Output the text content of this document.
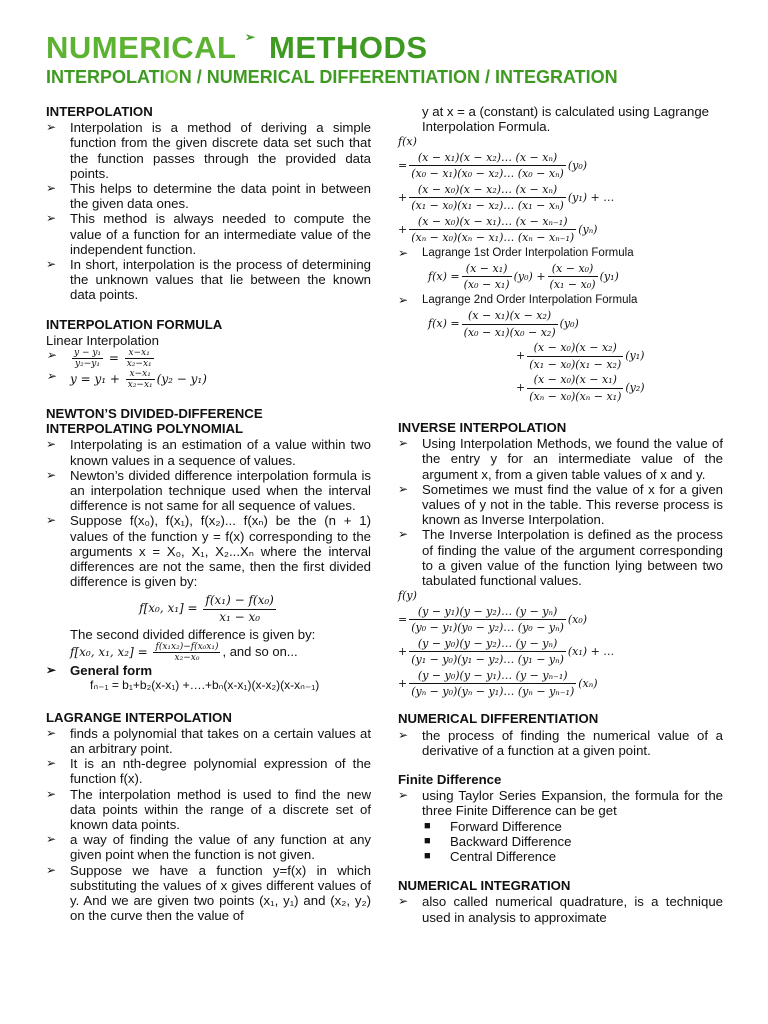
NUMERICAL ➢ METHODS
INTERPOLATION / NUMERICAL DIFFERENTIATION / INTEGRATION
INTERPOLATION
➢ Interpolation is a method of deriving a simple function from the given discrete data set such that the function passes through the provided data points.
➢ This helps to determine the data point in between the given data ones.
➢ This method is always needed to compute the value of a function for an intermediate value of the independent function.
➢ In short, interpolation is the process of determining the unknown values that lie between the known data points.
INTERPOLATION FORMULA
Linear Interpolation
➢ $\frac{\text{y − y₁}}{\text{y₂−y₁}} = \frac{\text{x−x₁}}{\text{x₂−x₁}}$
➢ $y = y_1 + \frac{\text{x−x₁}}{\text{x₂−x₁}} (y_2 - y_1)$
NEWTON’S DIVIDED-DIFFERENCE
INTERPOLATING POLYNOMIAL
➢ Interpolating is an estimation of a value within two known values in a sequence of values.
➢ Newton’s divided difference interpolation formula is an interpolation technique used when the interval difference is not same for all sequence of values.
➢ Suppose f(x₀), f(x₁), f(x₂)... f(xₙ) be the (n + 1) values of the function y = f(x) corresponding to the arguments x = X₀, X₁, X₂...Xₙ where the interval differences are not the same, then the first divided difference is given by:
f[x₀, $x_1] = \frac{\text{f(x₁) − f(x₀)}}{\text{x₁ − x₀}}$
The second divided difference is given by:
f[x₀, x₁, $x_2] = \frac{\text{f(x₁x₂)−f(x₀x₁)}}{\text{x₂−x₀}}$ , and so on...
➢ General form
fₙ₋₁ = b₁+b₂(x-x₁) +….+bₙ(x-x₁)(x-x₂)(x-xₙ₋₁)
LAGRANGE INTERPOLATION
➢ finds a polynomial that takes on a certain values at an arbitrary point.
➢ It is an nth-degree polynomial expression of the function f(x).
➢ The interpolation method is used to find the new data points within the range of a discrete set of known data points.
➢ a way of finding the value of any function at any given point when the function is not given.
➢ Suppose we have a function y=f(x) in which substituting the values of x gives different values of y. And we are given two points (x₁, y₁) and (x₂, y₂) on the curve then the value of
y at x = a (constant) is calculated using Lagrange Interpolation Formula.
f(x)
=
(x − x₁)(x − x₂)… (x − xₙ)
(x₀ − x₁)(x₀ − x₂)… (x₀ − xₙ)
(y₀)
+
(x − x₀)(x − x₂)… (x − xₙ)
(x₁ − x₀)(x₁ − x₂)… (x₁ − xₙ)
(y₁) + …
+
(x − x₀)(x − x₁)… (x − xₙ₋₁)
(xₙ − x₀)(xₙ − x₁)… (xₙ − xₙ₋₁)
(yₙ)
➢ Lagrange 1st Order Interpolation Formula
f(x) =
(x − x₁)
(x₀ − x₁)
(y₀) +
(x − x₀)
(x₁ − x₀)
(y₁)
➢ Lagrange 2nd Order Interpolation Formula
f(x) =
(x − x₁)(x − x₂)
(x₀ − x₁)(x₀ − x₂)
(y₀)
+
(x − x₀)(x − x₂)
(x₁ − x₀)(x₁ − x₂)
(y₁)
+
(x − x₀)(x − x₁)
(xₙ − x₀)(xₙ − x₁)
(y₂)
INVERSE INTERPOLATION
➢ Using Interpolation Methods, we found the value of the entry y for an intermediate value of the argument x, from a given table values of x and y.
➢ Sometimes we must find the value of x for a given values of y not in the table. This reverse process is known as Inverse Interpolation.
➢ The Inverse Interpolation is defined as the process of finding the value of the argument corresponding to a given value of the function lying between two tabulated functional values.
f(y)
=
(y − y₁)(y − y₂)… (y − yₙ)
(y₀ − y₁)(y₀ − y₂)… (y₀ − yₙ)
(x₀)
+
(y − y₀)(y − y₂)… (y − yₙ)
(y₁ − y₀)(y₁ − y₂)… (y₁ − yₙ)
(x₁) + …
+
(y − y₀)(y − y₁)… (y − yₙ₋₁)
(yₙ − y₀)(yₙ − y₁)… (yₙ − yₙ₋₁)
(xₙ)
NUMERICAL DIFFERENTIATION
➢ the process of finding the numerical value of a derivative of a function at a given point.
Finite Difference
➢ using Taylor Series Expansion, the formula for the three Finite Difference can be get
■ Forward Difference
■ Backward Difference
■ Central Difference
NUMERICAL INTEGRATION
➢ also called numerical quadrature, is a technique used in analysis to approximate
